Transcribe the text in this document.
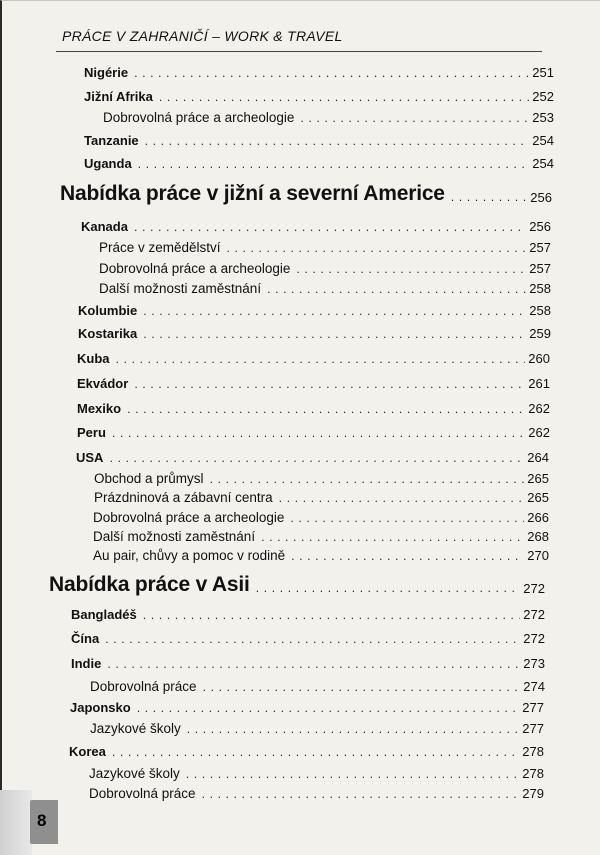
PRÁCE V ZAHRANIČÍ – WORK & TRAVEL
Nigérie . . .	251
Jižní Afrika . . .	252
Dobrovolná práce a archeologie . . .	253
Tanzanie . . .	254
Uganda . . .	254
Nabídka práce v jižní a severní Americe . . .	256
Kanada . . .	256
Práce v zemědělství . . .	257
Dobrovolná práce a archeologie . . .	257
Další možnosti zaměstnání . . .	258
Kolumbie . . .	258
Kostarika . . .	259
Kuba . . .	260
Ekvádor . . .	261
Mexiko . . .	262
Peru . . .	262
USA . . .	264
Obchod a průmysl . . .	265
Prázdninová a zábavní centra . . .	265
Dobrovolná práce a archeologie . . .	266
Další možnosti zaměstnání . . .	268
Au pair, chůvy a pomoc v rodině . . .	270
Nabídka práce v Asii . . .	272
Bangladéš . . .	272
Čína . . .	272
Indie . . .	273
Dobrovolná práce . . .	274
Japonsko . . .	277
Jazykové školy . . .	277
Korea . . .	278
Jazykové školy . . .	278
Dobrovolná práce . . .	279
8
